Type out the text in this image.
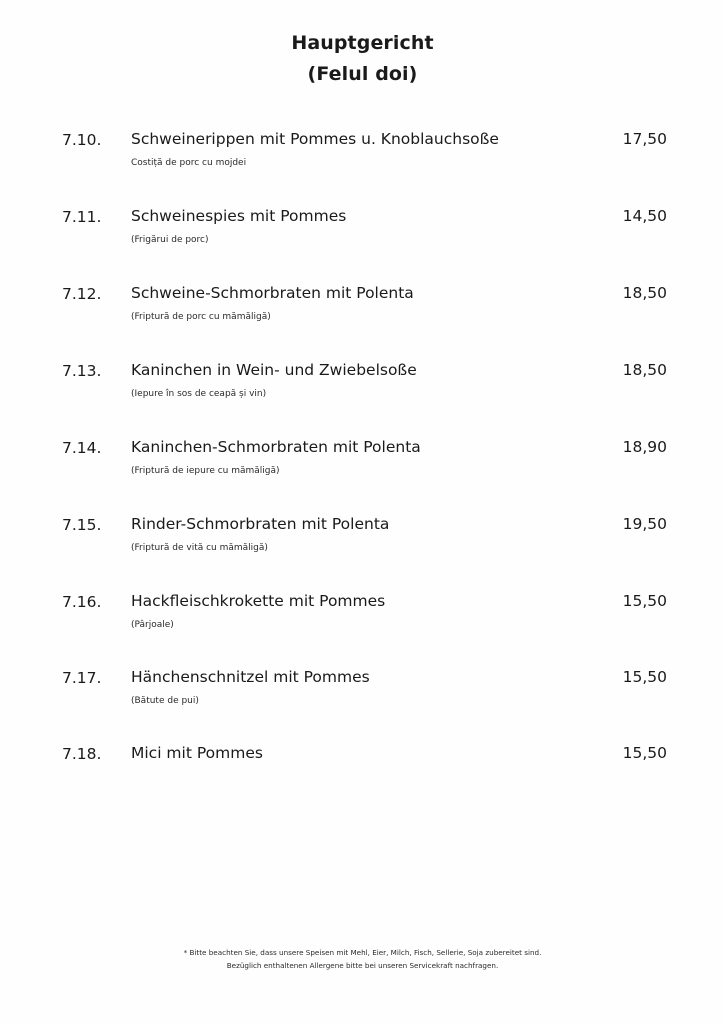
Hauptgericht
(Felul doi)
7.10. Schweinerippen mit Pommes u. Knoblauchsoße	17,50
Costiță de porc cu mojdei
7.11. Schweinespies mit Pommes	14,50
(Frigărui de porc)
7.12. Schweine-Schmorbraten mit Polenta	18,50
(Friptură de porc cu mămăligă)
7.13. Kaninchen in Wein- und Zwiebelsoße	18,50
(Iepure în sos de ceapă și vin)
7.14. Kaninchen-Schmorbraten mit Polenta	18,90
(Friptură de iepure cu mămăligă)
7.15. Rinder-Schmorbraten mit Polenta	19,50
(Friptură de vită cu mămăligă)
7.16. Hackfleischkrokette mit Pommes	15,50
(Pârjoale)
7.17. Hänchenschnitzel mit Pommes	15,50
(Bătute de pui)
7.18. Mici mit Pommes	15,50
* Bitte beachten Sie, dass unsere Speisen mit Mehl, Eier, Milch, Fisch, Sellerie, Soja zubereitet sind.
Bezüglich enthaltenen Allergene bitte bei unseren Servicekraft nachfragen.
